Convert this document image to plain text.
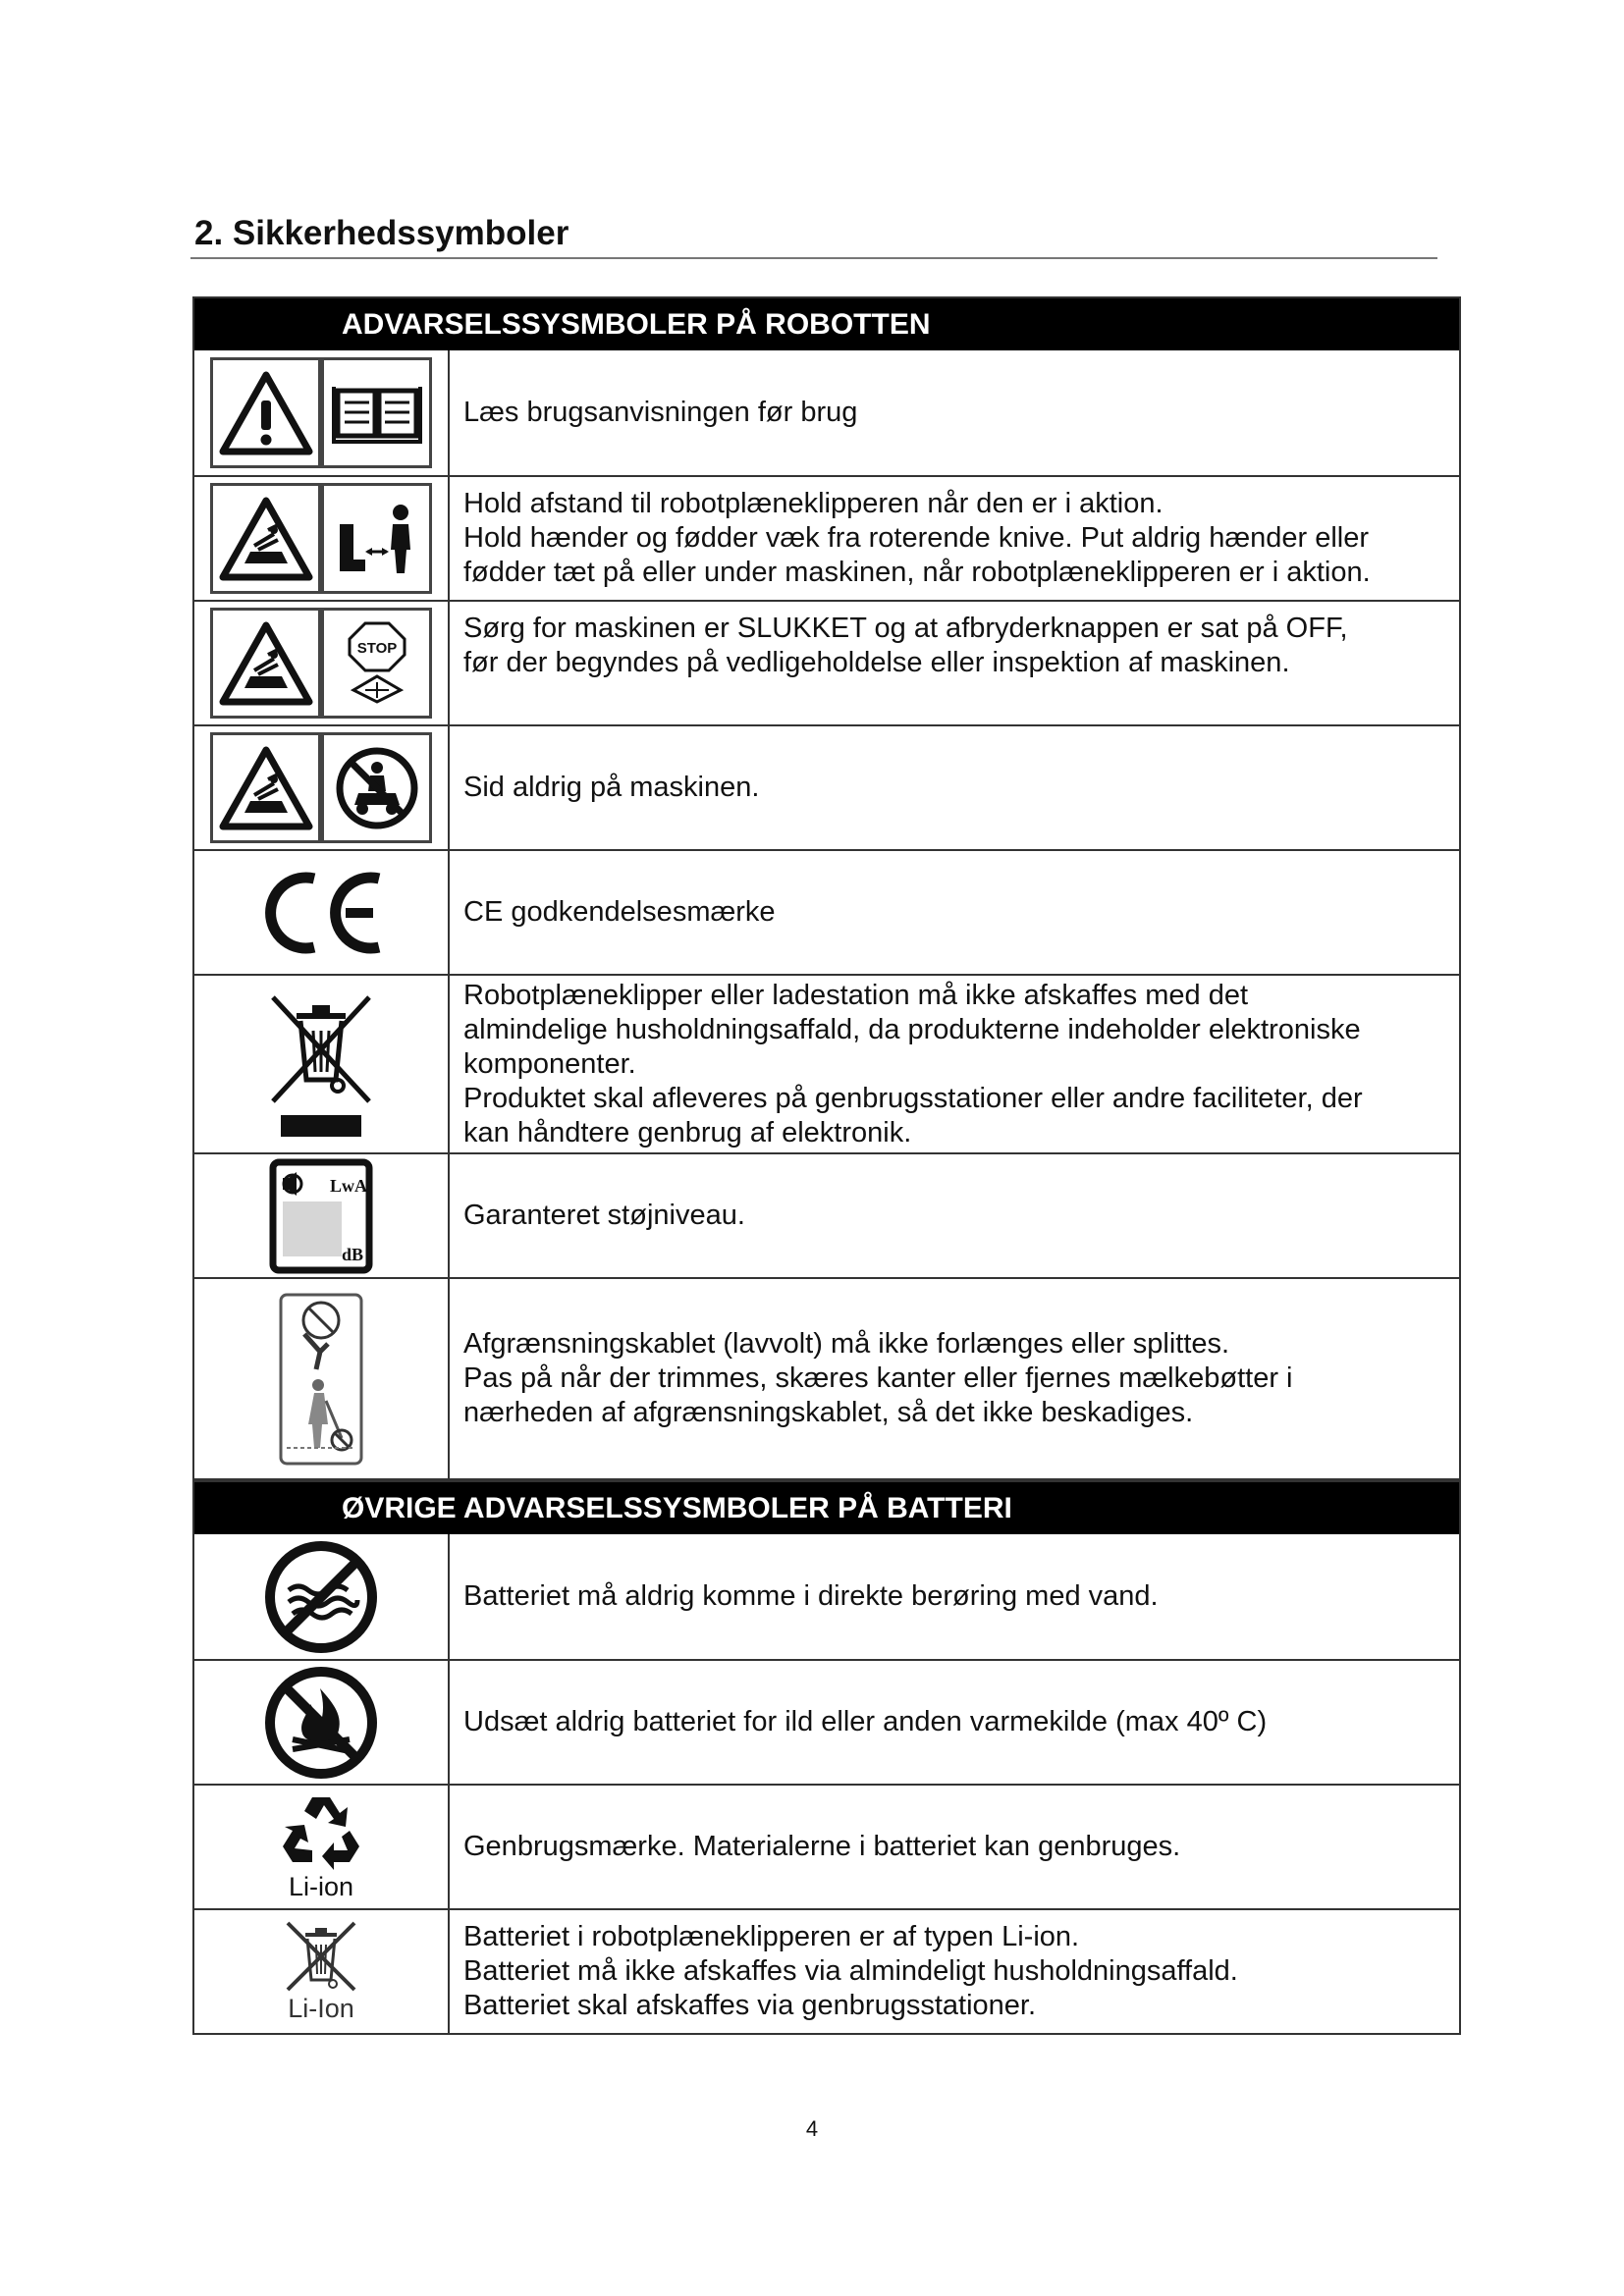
2. Sikkerhedssymboler
ADVARSELSSYSMBOLER PÅ ROBOTTEN
Læs brugsanvisningen før brug
Hold afstand til robotplæneklipperen når den er i aktion.
Hold hænder og fødder væk fra roterende knive. Put aldrig hænder eller
fødder tæt på eller under maskinen, når robotplæneklipperen er i aktion.
STOP
Sørg for maskinen er SLUKKET og at afbryderknappen er sat på OFF,
før der begyndes på vedligeholdelse eller inspektion af maskinen.
Sid aldrig på maskinen.
CE godkendelsesmærke
Robotplæneklipper eller ladestation må ikke afskaffes med det
almindelige husholdningsaffald, da produkterne indeholder elektroniske
komponenter.
Produktet skal afleveres på genbrugsstationer eller andre faciliteter, der
kan håndtere genbrug af elektronik.
LwA
dB
Garanteret støjniveau.
Afgrænsningskablet (lavvolt) må ikke forlænges eller splittes.
Pas på når der trimmes, skæres kanter eller fjernes mælkebøtter i
nærheden af afgrænsningskablet, så det ikke beskadiges.
ØVRIGE ADVARSELSSYSMBOLER PÅ BATTERI
Batteriet må aldrig komme i direkte berøring med vand.
Udsæt aldrig batteriet for ild eller anden varmekilde (max 40º C)
Li-ion
Genbrugsmærke. Materialerne i batteriet kan genbruges.
Li-Ion
Batteriet i robotplæneklipperen er af typen Li-ion.
Batteriet må ikke afskaffes via almindeligt husholdningsaffald.
Batteriet skal afskaffes via genbrugsstationer.
4
